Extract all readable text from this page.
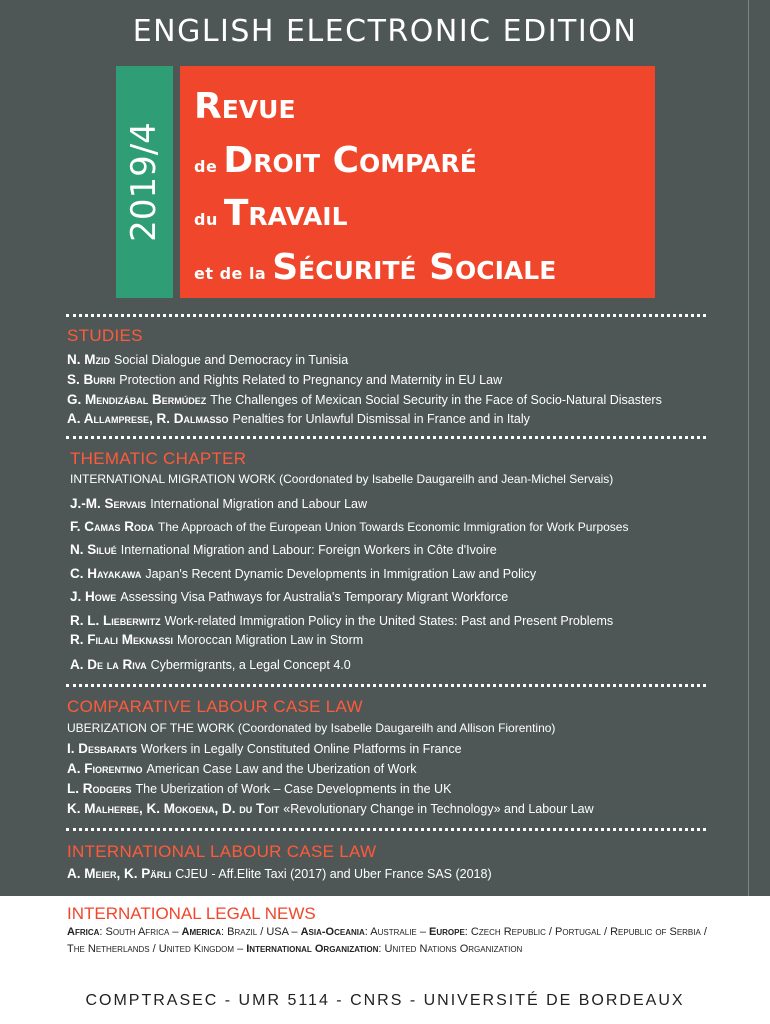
ENGLISH ELECTRONIC EDITION
2019/4
Revue
de Droit Comparé
du Travail
et de la Sécurité Sociale
STUDIES
N. Mzid Social Dialogue and Democracy in Tunisia
S. Burri Protection and Rights Related to Pregnancy and Maternity in EU Law
G. Mendizábal Bermúdez The Challenges of Mexican Social Security in the Face of Socio-Natural Disasters
A. Allamprese, R. Dalmasso Penalties for Unlawful Dismissal in France and in Italy
THEMATIC CHAPTER
INTERNATIONAL MIGRATION WORK (Coordonated by Isabelle Daugareilh and Jean-Michel Servais)
J.-M. Servais International Migration and Labour Law
F. Camas Roda The Approach of the European Union Towards Economic Immigration for Work Purposes
N. Silué International Migration and Labour: Foreign Workers in Côte d'Ivoire
C. Hayakawa Japan's Recent Dynamic Developments in Immigration Law and Policy
J. Howe Assessing Visa Pathways for Australia's Temporary Migrant Workforce
R. L. Lieberwitz Work-related Immigration Policy in the United States: Past and Present Problems
R. Filali Meknassi Moroccan Migration Law in Storm
A. De la Riva Cybermigrants, a Legal Concept 4.0
COMPARATIVE LABOUR CASE LAW
UBERIZATION OF THE WORK (Coordonated by Isabelle Daugareilh and Allison Fiorentino)
I. Desbarats Workers in Legally Constituted Online Platforms in France
A. Fiorentino American Case Law and the Uberization of Work
L. Rodgers The Uberization of Work – Case Developments in the UK
K. Malherbe, K. Mokoena, D. du Toit «Revolutionary Change in Technology» and Labour Law
INTERNATIONAL LABOUR CASE LAW
A. Meier, K. Pärli CJEU - Aff.Elite Taxi (2017) and Uber France SAS (2018)
INTERNATIONAL LEGAL NEWS
Africa: South Africa – America: Brazil / USA – Asia-Oceania: Australie – Europe: Czech Republic / Portugal / Republic of Serbia / The Netherlands / United Kingdom – International Organization: United Nations Organization
COMPTRASEC - UMR 5114 - CNRS - UNIVERSITÉ DE BORDEAUX
